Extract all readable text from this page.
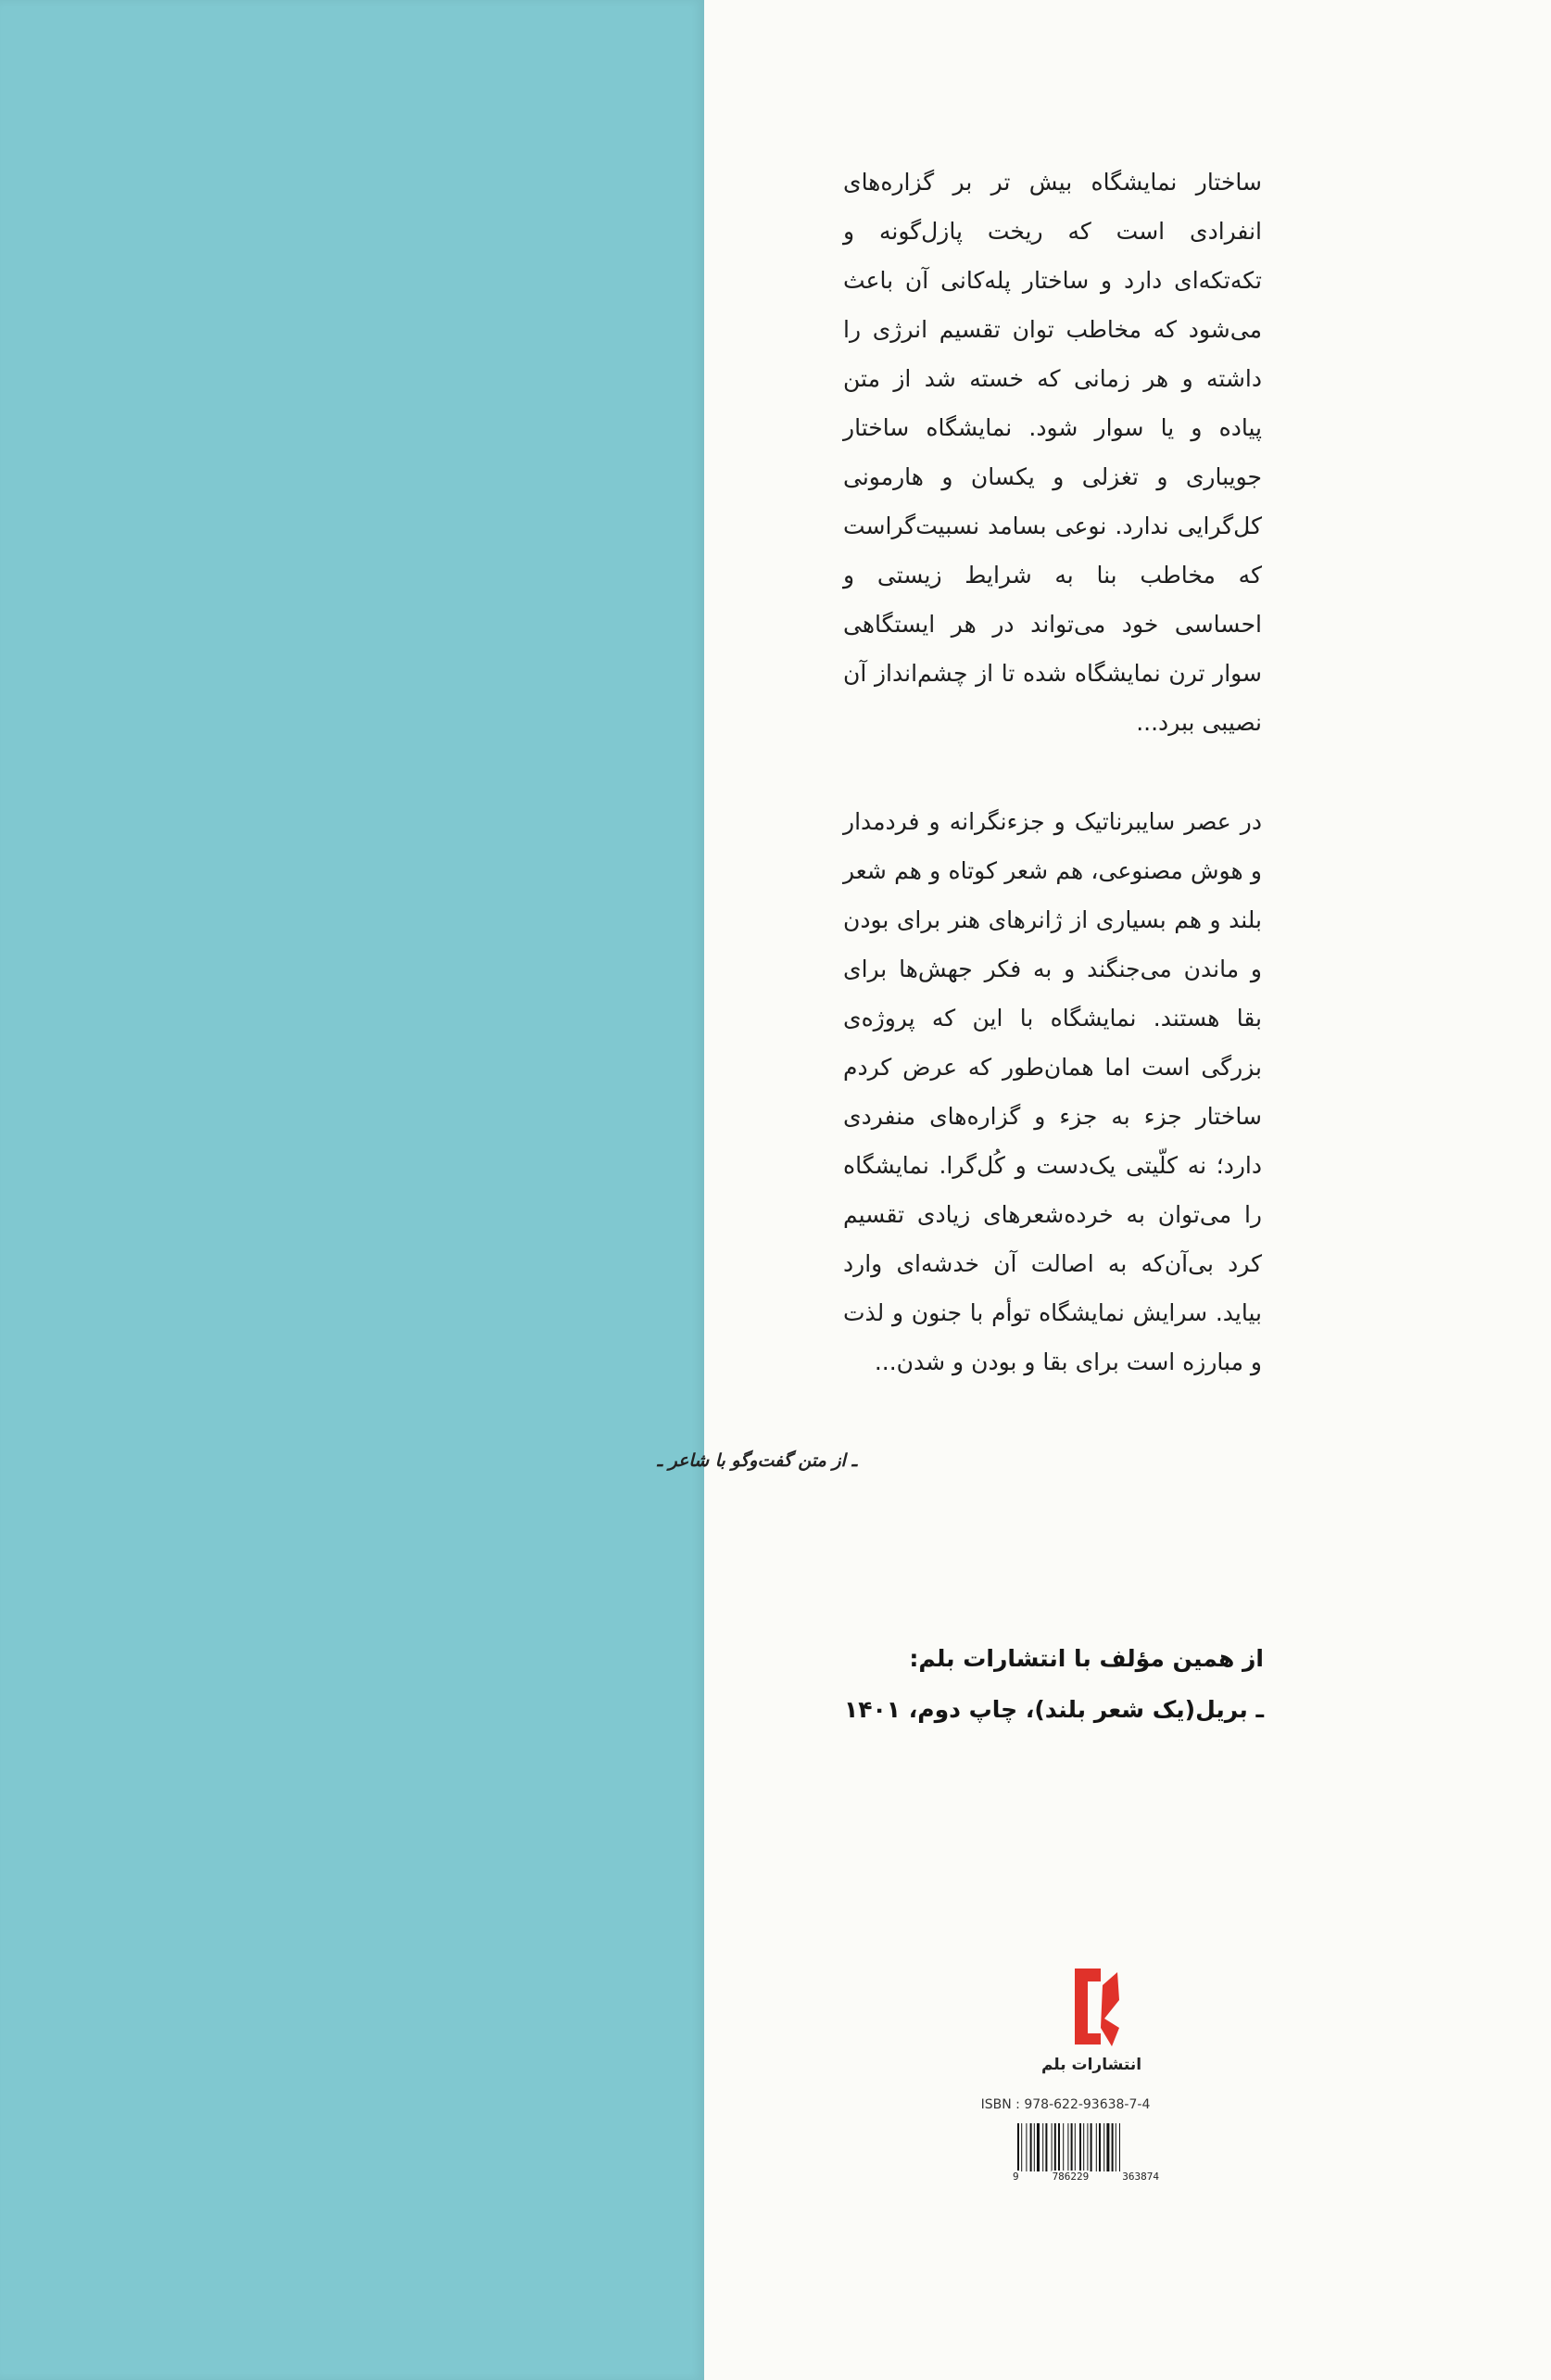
ساختار نمایشگاه بیش تر بر گزاره‌های انفرادی است که ریخت پازل‌گونه و تکه‌تکه‌ای دارد و ساختار پله‌کانی آن باعث می‌شود که مخاطب توان تقسیم انرژی را داشته و هر زمانی که خسته شد از متن پیاده و یا سوار شود. نمایشگاه ساختار جویباری و تغزلی و یکسان و هارمونی کل‌گرایی ندارد. نوعی بسامد نسبیت‌گراست که مخاطب بنا به شرایط زیستی و احساسی خود می‌تواند در هر ایستگاهی سوار ترن نمایشگاه شده تا از چشم‌انداز آن نصیبی ببرد...
در عصر سایبرناتیک و جزءنگرانه و فردمدار و هوش مصنوعی، هم شعر کوتاه و هم شعر بلند و هم بسیاری از ژانرهای هنر برای بودن و ماندن می‌جنگند و به فکر جهش‌ها برای بقا هستند. نمایشگاه با این که پروژه‌ی بزرگی است اما همان‌طور که عرض کردم ساختار جزء به جزء و گزاره‌های منفردی دارد؛ نه کلّیتی یک‌دست و کُل‌گرا. نمایشگاه را می‌توان به خرده‌شعرهای زیادی تقسیم کرد بی‌آن‌که به اصالت آن خدشه‌ای وارد بیاید. سرایش نمایشگاه توأم با جنون و لذت و مبارزه است برای بقا و بودن و شدن...
ـ از متن گفت‌وگو با شاعر ـ
از همین مؤلف با انتشارات بلم:
ـ بریل(یک شعر بلند)، چاپ دوم، ۱۴۰۱
انتشارات بلم
ISBN : 978-622-93638-7-4
9	786229	363874
